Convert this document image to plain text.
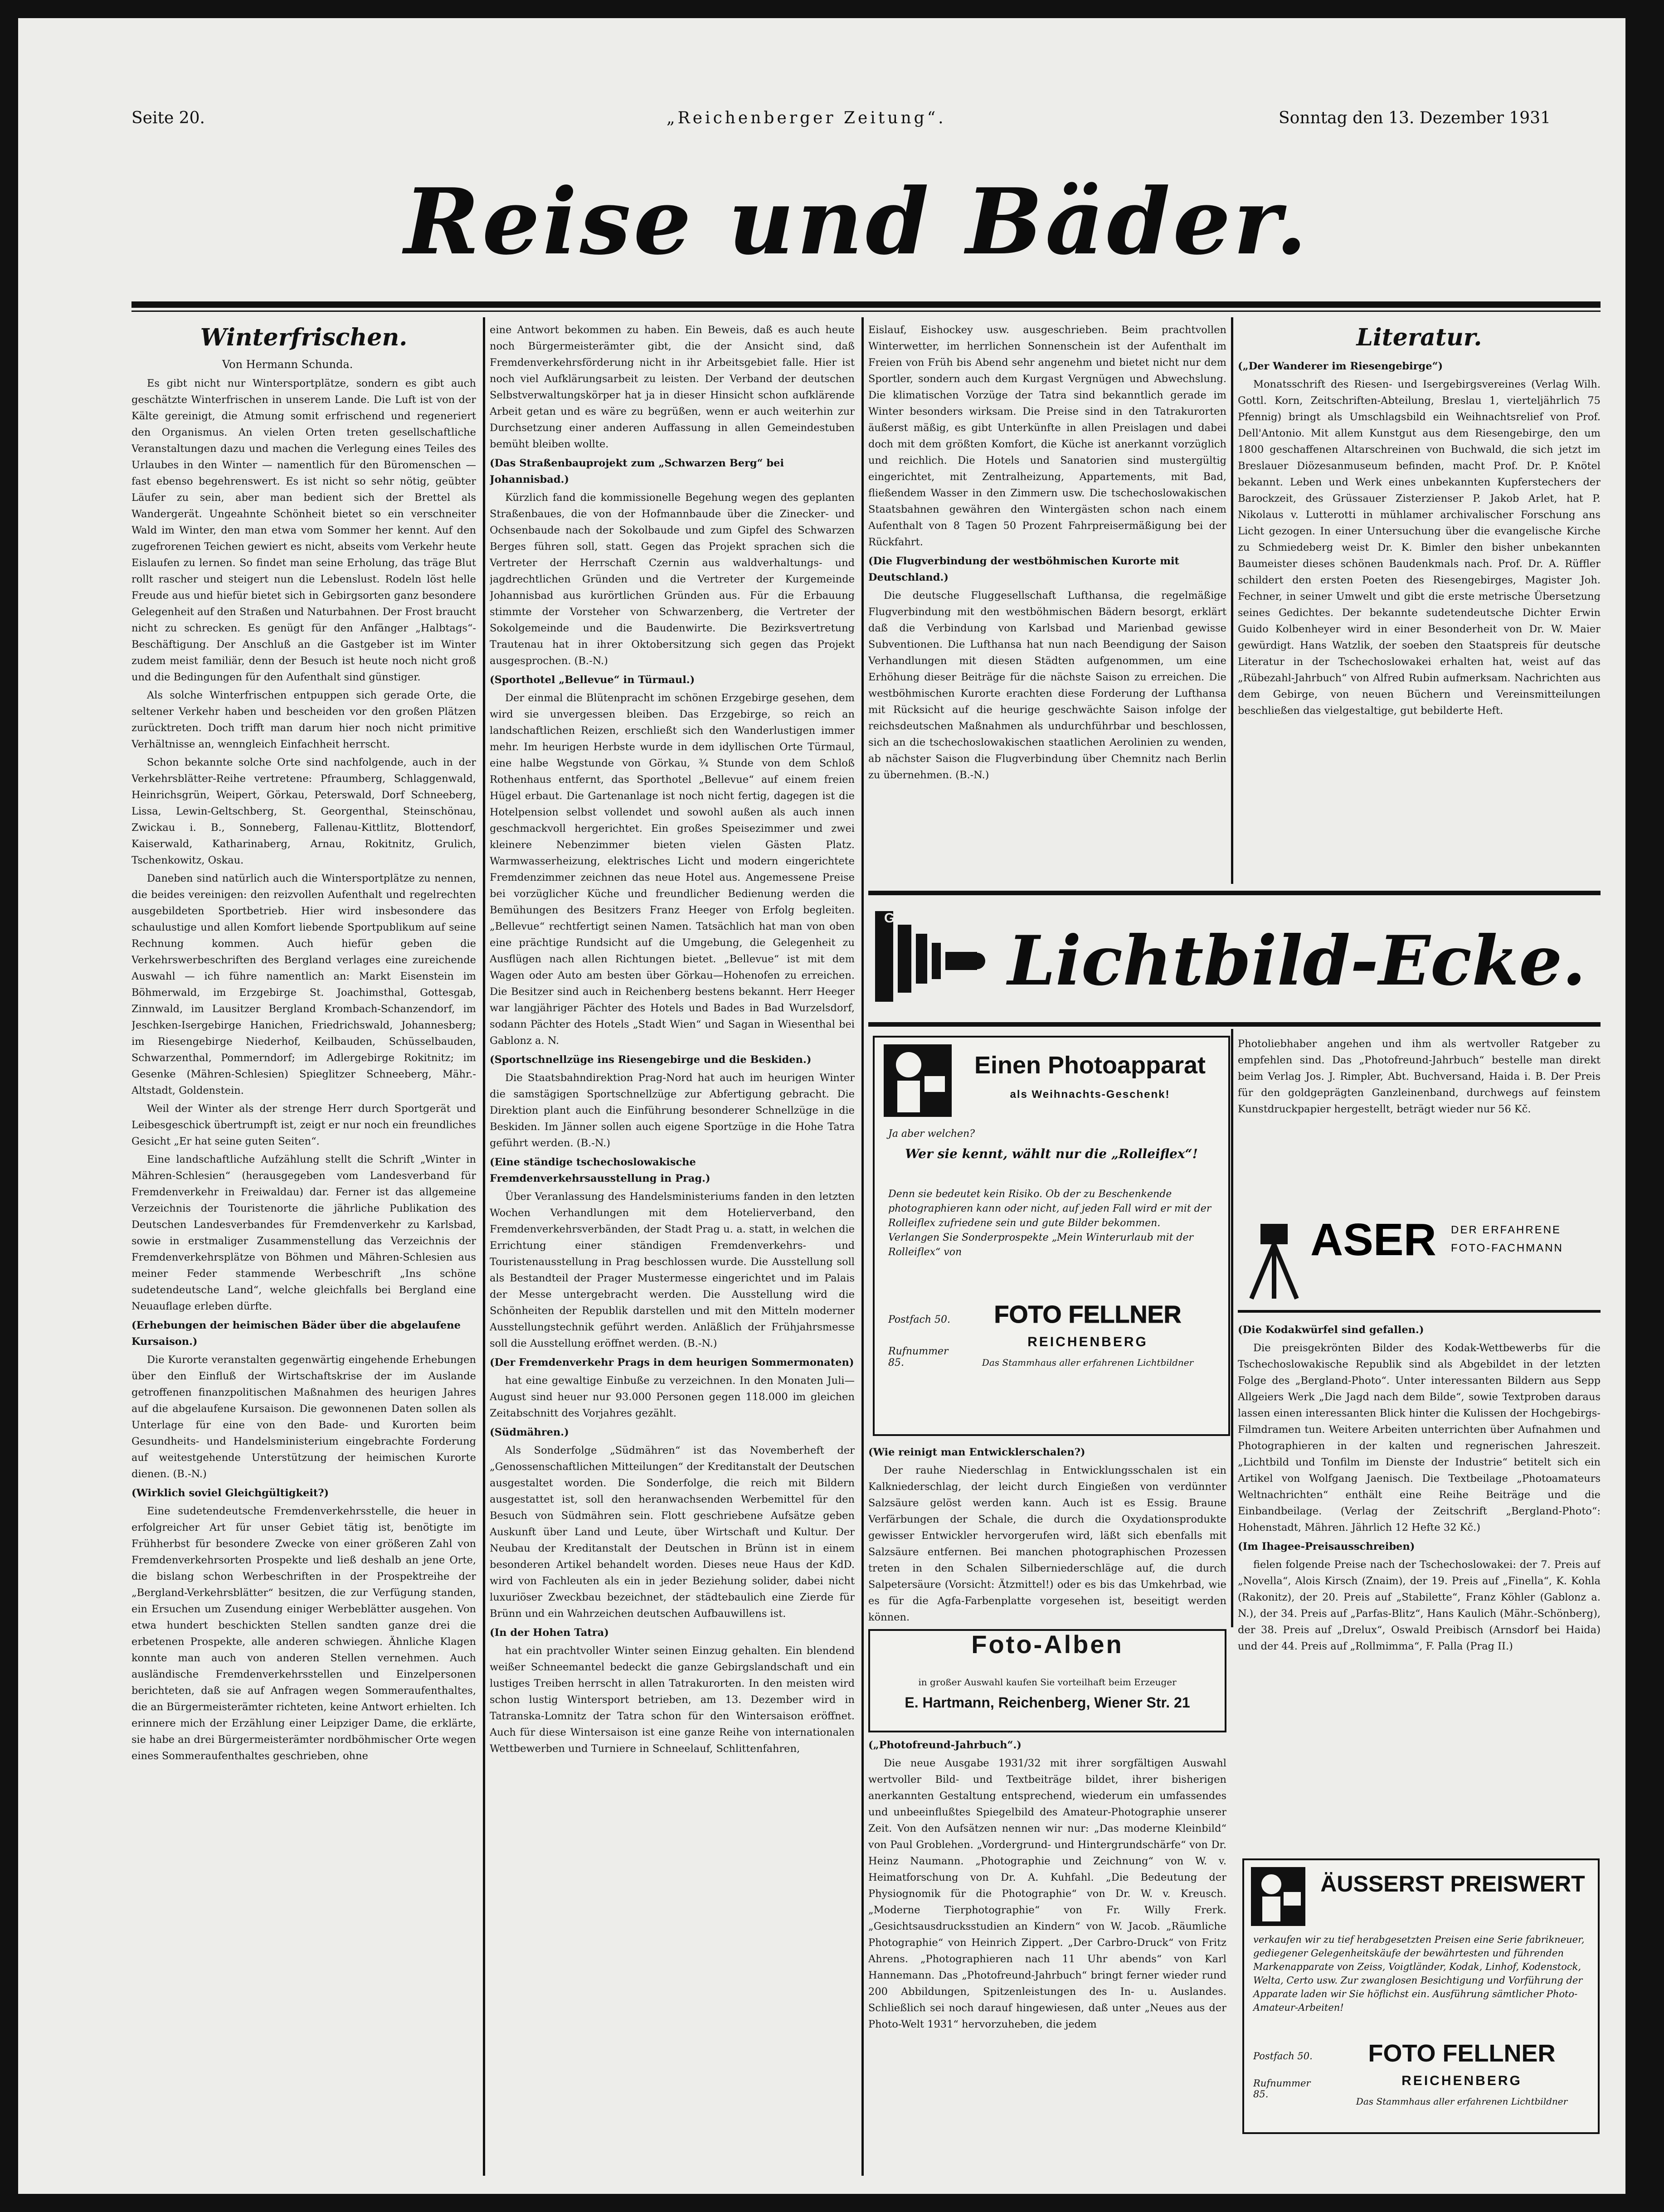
Seite 20.	„Reichenberger Zeitung“.	Sonntag den 13. Dezember 1931
Reise und Bäder.
Winterfrischen.
Von Hermann Schunda.

Es gibt nicht nur Wintersportplätze, sondern es gibt auch geschätzte Winterfrischen in unserem Lande. Die Luft ist von der Kälte gereinigt, die Atmung somit erfrischend und regeneriert den Organismus. An vielen Orten treten gesellschaftliche Veranstaltungen dazu und machen die Verlegung eines Teiles des Urlaubes in den Winter — namentlich für den Büromenschen — fast ebenso begehrenswert. Es ist nicht so sehr nötig, geübter Läufer zu sein, aber man bedient sich der Brettel als Wandergerät. Ungeahnte Schönheit bietet so ein verschneiter Wald im Winter, den man etwa vom Sommer her kennt. Auf den zugefrorenen Teichen gewiert es nicht, abseits vom Verkehr heute Eislaufen zu lernen. So findet man seine Erholung, das träge Blut rollt rascher und steigert nun die Lebenslust. Rodeln löst helle Freude aus und hiefür bietet sich in Gebirgsorten ganz besondere Gelegenheit auf den Straßen und Naturbahnen. Der Frost braucht nicht zu schrecken. Es genügt für den Anfänger „Halbtags“-Beschäftigung. Der Anschluß an die Gastgeber ist im Winter zudem meist familiär, denn der Besuch ist heute noch nicht groß und die Bedingungen für den Aufenthalt sind günstiger.

Als solche Winterfrischen entpuppen sich gerade Orte, die seltener Verkehr haben und bescheiden vor den großen Plätzen zurücktreten. Doch trifft man darum hier noch nicht primitive Verhältnisse an, wenngleich Einfachheit herrscht.

Schon bekannte solche Orte sind nachfolgende, auch in der Verkehrsblätter-Reihe vertretene: Pfraumberg, Schlaggenwald, Heinrichsgrün, Weipert, Görkau, Peterswald, Dorf Schneeberg, Lissa, Lewin-Geltschberg, St. Georgenthal, Steinschönau, Zwickau i. B., Sonneberg, Fallenau-Kittlitz, Blottendorf, Kaiserwald, Katharinaberg, Arnau, Rokitnitz, Grulich, Tschenkowitz, Oskau.

Daneben sind natürlich auch die Wintersportplätze zu nennen, die beides vereinigen: den reizvollen Aufenthalt und regelrechten ausgebildeten Sportbetrieb. Hier wird insbesondere das schaulustige und allen Komfort liebende Sportpublikum auf seine Rechnung kommen. Auch hiefür geben die Verkehrswerbeschriften des Bergland verlages eine zureichende Auswahl — ich führe namentlich an: Markt Eisenstein im Böhmerwald, im Erzgebirge St. Joachimsthal, Gottesgab, Zinnwald, im Lausitzer Bergland Krombach-Schanzendorf, im Jeschken-Isergebirge Hanichen, Friedrichswald, Johannesberg; im Riesengebirge Niederhof, Keilbauden, Schüsselbauden, Schwarzenthal, Pommerndorf; im Adlergebirge Rokitnitz; im Gesenke (Mähren-Schlesien) Spieglitzer Schneeberg, Mähr.-Altstadt, Goldenstein.

Weil der Winter als der strenge Herr durch Sportgerät und Leibesgeschick übertrumpft ist, zeigt er nur noch ein freundliches Gesicht „Er hat seine guten Seiten“.

Eine landschaftliche Aufzählung stellt die Schrift „Winter in Mähren-Schlesien“ (herausgegeben vom Landesverband für Fremdenverkehr in Freiwaldau) dar. Ferner ist das allgemeine Verzeichnis der Touristenorte die jährliche Publikation des Deutschen Landesverbandes für Fremdenverkehr zu Karlsbad, sowie in erstmaliger Zusammenstellung das Verzeichnis der Fremdenverkehrsplätze von Böhmen und Mähren-Schlesien aus meiner Feder stammende Werbeschrift „Ins schöne sudetendeutsche Land“, welche gleichfalls bei Bergland eine Neuauflage erleben dürfte.

(Erhebungen der heimischen Bäder über die abgelaufene Kursaison.)

Die Kurorte veranstalten gegenwärtig eingehende Erhebungen über den Einfluß der Wirtschaftskrise der im Auslande getroffenen finanzpolitischen Maßnahmen des heurigen Jahres auf die abgelaufene Kursaison. Die gewonnenen Daten sollen als Unterlage für eine von den Bade- und Kurorten beim Gesundheits- und Handelsministerium eingebrachte Forderung auf weitestgehende Unterstützung der heimischen Kurorte dienen. (B.-N.)

(Wirklich soviel Gleichgültigkeit?)

Eine sudetendeutsche Fremdenverkehrsstelle, die heuer in erfolgreicher Art für unser Gebiet tätig ist, benötigte im Frühherbst für besondere Zwecke von einer größeren Zahl von Fremdenverkehrsorten Prospekte und ließ deshalb an jene Orte, die bislang schon Werbeschriften in der Prospektreihe der „Bergland-Verkehrsblätter“ besitzen, die zur Verfügung standen, ein Ersuchen um Zusendung einiger Werbeblätter ausgehen. Von etwa hundert beschickten Stellen sandten ganze drei die erbetenen Prospekte, alle anderen schwiegen. Ähnliche Klagen konnte man auch von anderen Stellen vernehmen. Auch ausländische Fremdenverkehrsstellen und Einzelpersonen berichteten, daß sie auf Anfragen wegen Sommeraufenthaltes, die an Bürgermeisterämter richteten, keine Antwort erhielten. Ich erinnere mich der Erzählung einer Leipziger Dame, die erklärte, sie habe an drei Bürgermeisterämter nordböhmischer Orte wegen eines Sommeraufenthaltes geschrieben, ohne

eine Antwort bekommen zu haben. Ein Beweis, daß es auch heute noch Bürgermeisterämter gibt, die der Ansicht sind, daß Fremdenverkehrsförderung nicht in ihr Arbeitsgebiet falle. Hier ist noch viel Aufklärungsarbeit zu leisten. Der Verband der deutschen Selbstverwaltungskörper hat ja in dieser Hinsicht schon aufklärende Arbeit getan und es wäre zu begrüßen, wenn er auch weiterhin zur Durchsetzung einer anderen Auffassung in allen Gemeindestuben bemüht bleiben wollte.

(Das Straßenbauprojekt zum „Schwarzen Berg“ bei Johannisbad.)

Kürzlich fand die kommissionelle Begehung wegen des geplanten Straßenbaues, die von der Hofmannbaude über die Zinecker- und Ochsenbaude nach der Sokolbaude und zum Gipfel des Schwarzen Berges führen soll, statt. Gegen das Projekt sprachen sich die Vertreter der Herrschaft Czernin aus waldverhaltungs- und jagdrechtlichen Gründen und die Vertreter der Kurgemeinde Johannisbad aus kurörtlichen Gründen aus. Für die Erbauung stimmte der Vorsteher von Schwarzenberg, die Vertreter der Sokolgemeinde und die Baudenwirte. Die Bezirksvertretung Trautenau hat in ihrer Oktobersitzung sich gegen das Projekt ausgesprochen. (B.-N.)

(Sporthotel „Bellevue“ in Türmaul.)

Der einmal die Blütenpracht im schönen Erzgebirge gesehen, dem wird sie unvergessen bleiben. Das Erzgebirge, so reich an landschaftlichen Reizen, erschließt sich den Wanderlustigen immer mehr. Im heurigen Herbste wurde in dem idyllischen Orte Türmaul, eine halbe Wegstunde von Görkau, ¾ Stunde von dem Schloß Rothenhaus entfernt, das Sporthotel „Bellevue“ auf einem freien Hügel erbaut. Die Gartenanlage ist noch nicht fertig, dagegen ist die Hotelpension selbst vollendet und sowohl außen als auch innen geschmackvoll hergerichtet. Ein großes Speisezimmer und zwei kleinere Nebenzimmer bieten vielen Gästen Platz. Warmwasserheizung, elektrisches Licht und modern eingerichtete Fremdenzimmer zeichnen das neue Hotel aus. Angemessene Preise bei vorzüglicher Küche und freundlicher Bedienung werden die Bemühungen des Besitzers Franz Heeger von Erfolg begleiten. „Bellevue“ rechtfertigt seinen Namen. Tatsächlich hat man von oben eine prächtige Rundsicht auf die Umgebung, die Gelegenheit zu Ausflügen nach allen Richtungen bietet. „Bellevue“ ist mit dem Wagen oder Auto am besten über Görkau—Hohenofen zu erreichen. Die Besitzer sind auch in Reichenberg bestens bekannt. Herr Heeger war langjähriger Pächter des Hotels und Bades in Bad Wurzelsdorf, sodann Pächter des Hotels „Stadt Wien“ und Sagan in Wiesenthal bei Gablonz a. N.

(Sportschnellzüge ins Riesengebirge und die Beskiden.)

Die Staatsbahndirektion Prag-Nord hat auch im heurigen Winter die samstägigen Sportschnellzüge zur Abfertigung gebracht. Die Direktion plant auch die Einführung besonderer Schnellzüge in die Beskiden. Im Jänner sollen auch eigene Sportzüge in die Hohe Tatra geführt werden. (B.-N.)

(Eine ständige tschechoslowakische Fremdenverkehrsausstellung in Prag.)

Über Veranlassung des Handelsministeriums fanden in den letzten Wochen Verhandlungen mit dem Hotelierverband, den Fremdenverkehrsverbänden, der Stadt Prag u. a. statt, in welchen die Errichtung einer ständigen Fremdenverkehrs- und Touristenausstellung in Prag beschlossen wurde. Die Ausstellung soll als Bestandteil der Prager Mustermesse eingerichtet und im Palais der Messe untergebracht werden. Die Ausstellung wird die Schönheiten der Republik darstellen und mit den Mitteln moderner Ausstellungstechnik geführt werden. Anläßlich der Frühjahrsmesse soll die Ausstellung eröffnet werden. (B.-N.)

(Der Fremdenverkehr Prags in dem heurigen Sommermonaten)

hat eine gewaltige Einbuße zu verzeichnen. In den Monaten Juli—August sind heuer nur 93.000 Personen gegen 118.000 im gleichen Zeitabschnitt des Vorjahres gezählt.

(Südmähren.)

Als Sonderfolge „Südmähren“ ist das Novemberheft der „Genossenschaftlichen Mitteilungen“ der Kreditanstalt der Deutschen ausgestaltet worden. Die Sonderfolge, die reich mit Bildern ausgestattet ist, soll den heranwachsenden Werbemittel für den Besuch von Südmähren sein. Flott geschriebene Aufsätze geben Auskunft über Land und Leute, über Wirtschaft und Kultur. Der Neubau der Kreditanstalt der Deutschen in Brünn ist in einem besonderen Artikel behandelt worden. Dieses neue Haus der KdD. wird von Fachleuten als ein in jeder Beziehung solider, dabei nicht luxuriöser Zweckbau bezeichnet, der städtebaulich eine Zierde für Brünn und ein Wahrzeichen deutschen Aufbauwillens ist.

(In der Hohen Tatra)

hat ein prachtvoller Winter seinen Einzug gehalten. Ein blendend weißer Schneemantel bedeckt die ganze Gebirgslandschaft und ein lustiges Treiben herrscht in allen Tatrakurorten. In den meisten wird schon lustig Wintersport betrieben, am 13. Dezember wird in Tatranska-Lomnitz der Tatra schon für den Wintersaison eröffnet. Auch für diese Wintersaison ist eine ganze Reihe von internationalen Wettbewerben und Turniere in Schneelauf, Schlittenfahren,

Eislauf, Eishockey usw. ausgeschrieben. Beim prachtvollen Winterwetter, im herrlichen Sonnenschein ist der Aufenthalt im Freien von Früh bis Abend sehr angenehm und bietet nicht nur dem Sportler, sondern auch dem Kurgast Vergnügen und Abwechslung. Die klimatischen Vorzüge der Tatra sind bekanntlich gerade im Winter besonders wirksam. Die Preise sind in den Tatrakurorten äußerst mäßig, es gibt Unterkünfte in allen Preislagen und dabei doch mit dem größten Komfort, die Küche ist anerkannt vorzüglich und reichlich. Die Hotels und Sanatorien sind mustergültig eingerichtet, mit Zentralheizung, Appartements, mit Bad, fließendem Wasser in den Zimmern usw. Die tschechoslowakischen Staatsbahnen gewähren den Wintergästen schon nach einem Aufenthalt von 8 Tagen 50 Prozent Fahrpreisermäßigung bei der Rückfahrt.

(Die Flugverbindung der westböhmischen Kurorte mit Deutschland.)

Die deutsche Fluggesellschaft Lufthansa, die regelmäßige Flugverbindung mit den westböhmischen Bädern besorgt, erklärt daß die Verbindung von Karlsbad und Marienbad gewisse Subventionen. Die Lufthansa hat nun nach Beendigung der Saison Verhandlungen mit diesen Städten aufgenommen, um eine Erhöhung dieser Beiträge für die nächste Saison zu erreichen. Die westböhmischen Kurorte erachten diese Forderung der Lufthansa mit Rücksicht auf die heurige geschwächte Saison infolge der reichsdeutschen Maßnahmen als undurchführbar und beschlossen, sich an die tschechoslowakischen staatlichen Aerolinien zu wenden, ab nächster Saison die Flugverbindung über Chemnitz nach Berlin zu übernehmen. (B.-N.)

Literatur.
(„Der Wanderer im Riesengebirge“)

Monatsschrift des Riesen- und Isergebirgsvereines (Verlag Wilh. Gottl. Korn, Zeitschriften-Abteilung, Breslau 1, vierteljährlich 75 Pfennig) bringt als Umschlagsbild ein Weihnachtsrelief von Prof. Dell'Antonio. Mit allem Kunstgut aus dem Riesengebirge, den um 1800 geschaffenen Altarschreinen von Buchwald, die sich jetzt im Breslauer Diözesanmuseum befinden, macht Prof. Dr. P. Knötel bekannt. Leben und Werk eines unbekannten Kupferstechers der Barockzeit, des Grüssauer Zisterzienser P. Jakob Arlet, hat P. Nikolaus v. Lutterotti in mühlamer archivalischer Forschung ans Licht gezogen. In einer Untersuchung über die evangelische Kirche zu Schmiedeberg weist Dr. K. Bimler den bisher unbekannten Baumeister dieses schönen Baudenkmals nach. Prof. Dr. A. Rüffler schildert den ersten Poeten des Riesengebirges, Magister Joh. Fechner, in seiner Umwelt und gibt die erste metrische Übersetzung seines Gedichtes. Der bekannte sudetendeutsche Dichter Erwin Guido Kolbenheyer wird in einer Besonderheit von Dr. W. Maier gewürdigt. Hans Watzlik, der soeben den Staatspreis für deutsche Literatur in der Tschechoslowakei erhalten hat, weist auf das „Rübezahl-Jahrbuch“ von Alfred Rubin aufmerksam. Nachrichten aus dem Gebirge, von neuen Büchern und Vereinsmitteilungen beschließen das vielgestaltige, gut bebilderte Heft.

G
Lichtbild-Ecke.
Einen Photoapparat
als Weihnachts-Geschenk!
Ja aber welchen?
Wer sie kennt, wählt nur die „Rolleiflex“!
Denn sie bedeutet kein Risiko. Ob der zu Beschenkende photographieren kann oder nicht, auf jeden Fall wird er mit der Rolleiflex zufriedene sein und gute Bilder bekommen. Verlangen Sie Sonderprospekte „Mein Winterurlaub mit der Rolleiflex“ von
Postfach 50.
Rufnummer 85.
FOTO FELLNER
REICHENBERG
Das Stammhaus aller erfahrenen Lichtbildner
(Wie reinigt man Entwicklerschalen?)

Der rauhe Niederschlag in Entwicklungsschalen ist ein Kalkniederschlag, der leicht durch Eingießen von verdünnter Salzsäure gelöst werden kann. Auch ist es Essig. Braune Verfärbungen der Schale, die durch die Oxydationsprodukte gewisser Entwickler hervorgerufen wird, läßt sich ebenfalls mit Salzsäure entfernen. Bei manchen photographischen Prozessen treten in den Schalen Silberniederschläge auf, die durch Salpetersäure (Vorsicht: Ätzmittel!) oder es bis das Umkehrbad, wie es für die Agfa-Farbenplatte vorgesehen ist, beseitigt werden können.

Foto-Alben
in großer Auswahl kaufen Sie vorteilhaft beim Erzeuger
E. Hartmann, Reichenberg, Wiener Str. 21
(„Photofreund-Jahrbuch“.)

Die neue Ausgabe 1931/32 mit ihrer sorgfältigen Auswahl wertvoller Bild- und Textbeiträge bildet, ihrer bisherigen anerkannten Gestaltung entsprechend, wiederum ein umfassendes und unbeeinflußtes Spiegelbild des Amateur-Photographie unserer Zeit. Von den Aufsätzen nennen wir nur: „Das moderne Kleinbild“ von Paul Groblehen. „Vordergrund- und Hintergrundschärfe“ von Dr. Heinz Naumann. „Photographie und Zeichnung“ von W. v. Heimatforschung von Dr. A. Kuhfahl. „Die Bedeutung der Physiognomik für die Photographie“ von Dr. W. v. Kreusch. „Moderne Tierphotographie“ von Fr. Willy Frerk. „Gesichtsausdrucksstudien an Kindern“ von W. Jacob. „Räumliche Photographie“ von Heinrich Zippert. „Der Carbro-Druck“ von Fritz Ahrens. „Photographieren nach 11 Uhr abends“ von Karl Hannemann. Das „Photofreund-Jahrbuch“ bringt ferner wieder rund 200 Abbildungen, Spitzenleistungen des In- u. Auslandes. Schließlich sei noch darauf hingewiesen, daß unter „Neues aus der Photo-Welt 1931“ hervorzuheben, die jedem

Photoliebhaber angehen und ihm als wertvoller Ratgeber zu empfehlen sind. Das „Photofreund-Jahrbuch“ bestelle man direkt beim Verlag Jos. J. Rimpler, Abt. Buchversand, Haida i. B. Der Preis für den goldgeprägten Ganzleinenband, durchwegs auf feinstem Kunstdruckpapier hergestellt, beträgt wieder nur 56 Kč.

ASER DER ERFAHRENE
FOTO-FACHMANN
(Die Kodakwürfel sind gefallen.)

Die preisgekrönten Bilder des Kodak-Wettbewerbs für die Tschechoslowakische Republik sind als Abgebildet in der letzten Folge des „Bergland-Photo“. Unter interessanten Bildern aus Sepp Allgeiers Werk „Die Jagd nach dem Bilde“, sowie Textproben daraus lassen einen interessanten Blick hinter die Kulissen der Hochgebirgs-Filmdramen tun. Weitere Arbeiten unterrichten über Aufnahmen und Photographieren in der kalten und regnerischen Jahreszeit. „Lichtbild und Tonfilm im Dienste der Industrie“ betitelt sich ein Artikel von Wolfgang Jaenisch. Die Textbeilage „Photoamateurs Weltnachrichten“ enthält eine Reihe Beiträge und die Einbandbeilage. (Verlag der Zeitschrift „Bergland-Photo“: Hohenstadt, Mähren. Jährlich 12 Hefte 32 Kč.)

(Im Ihagee-Preisausschreiben)

fielen folgende Preise nach der Tschechoslowakei: der 7. Preis auf „Novella“, Alois Kirsch (Znaim), der 19. Preis auf „Finella“, K. Kohla (Rakonitz), der 20. Preis auf „Stabilette“, Franz Köhler (Gablonz a. N.), der 34. Preis auf „Parfas-Blitz“, Hans Kaulich (Mähr.-Schönberg), der 38. Preis auf „Drelux“, Oswald Preibisch (Arnsdorf bei Haida) und der 44. Preis auf „Rollmimma“, F. Palla (Prag II.)

ÄUSSERST PREISWERT
verkaufen wir zu tief herabgesetzten Preisen eine Serie fabrikneuer, gediegener Gelegenheitskäufe der bewährtesten und führenden Markenapparate von Zeiss, Voigtländer, Kodak, Linhof, Kodenstock, Welta, Certo usw. Zur zwanglosen Besichtigung und Vorführung der Apparate laden wir Sie höflichst ein. Ausführung sämtlicher Photo-Amateur-Arbeiten!
Postfach 50.
Rufnummer 85.
FOTO FELLNER
REICHENBERG
Das Stammhaus aller erfahrenen Lichtbildner
